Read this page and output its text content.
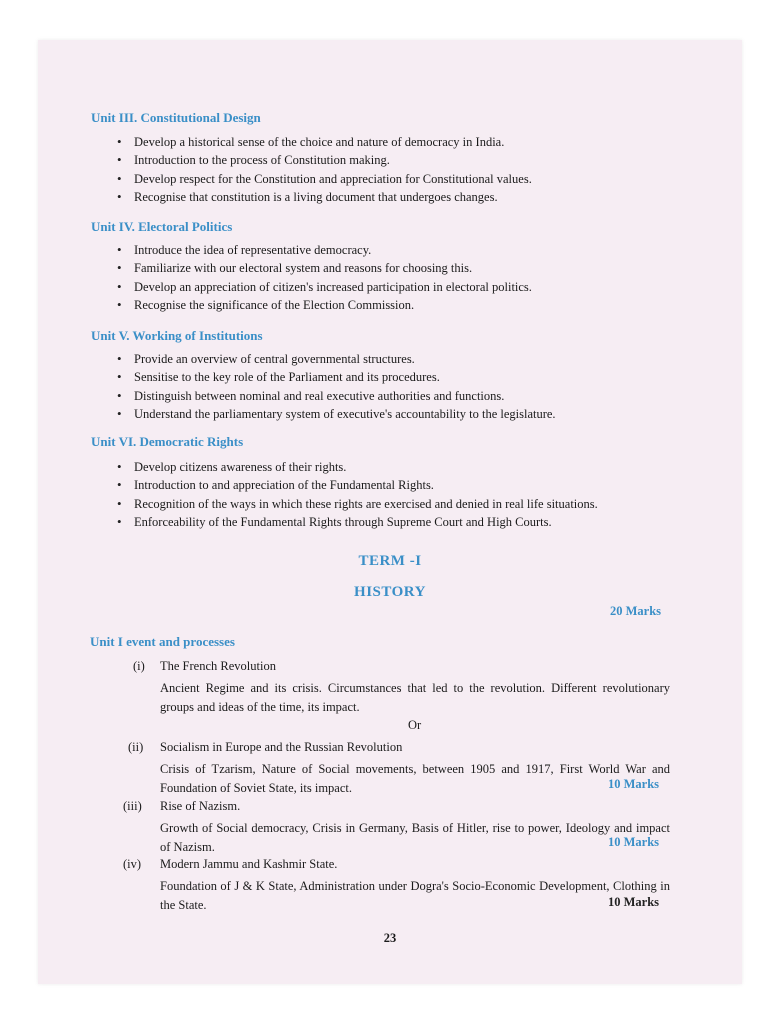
Unit III. Constitutional Design
• Develop a historical sense of the choice and nature of democracy in India.
• Introduction to the process of Constitution making.
• Develop respect for the Constitution and appreciation for Constitutional values.
• Recognise that constitution is a living document that undergoes changes.
Unit IV. Electoral Politics
• Introduce the idea of representative democracy.
• Familiarize with our electoral system and reasons for choosing this.
• Develop an appreciation of citizen's increased participation in electoral politics.
• Recognise the significance of the Election Commission.
Unit V. Working of Institutions
• Provide an overview of central governmental structures.
• Sensitise to the key role of the Parliament and its procedures.
• Distinguish between nominal and real executive authorities and functions.
• Understand the parliamentary system of executive's accountability to the legislature.
Unit VI. Democratic Rights
• Develop citizens awareness of their rights.
• Introduction to and appreciation of the Fundamental Rights.
• Recognition of the ways in which these rights are exercised and denied in real life situations.
• Enforceability of the Fundamental Rights through Supreme Court and High Courts.
TERM -I
HISTORY
20 Marks
Unit I event and processes
(i) The French Revolution
Ancient Regime and its crisis. Circumstances that led to the revolution. Different revolutionary groups and ideas of the time, its impact.
Or
(ii) Socialism in Europe and the Russian Revolution
Crisis of Tzarism, Nature of Social movements, between 1905 and 1917, First World War and Foundation of Soviet State, its impact.	10 Marks
(iii) Rise of Nazism.
Growth of Social democracy, Crisis in Germany, Basis of Hitler, rise to power, Ideology and impact of Nazism.	10 Marks
(iv) Modern Jammu and Kashmir State.
Foundation of J & K State, Administration under Dogra's Socio-Economic Development, Clothing in the State.	10 Marks
23
